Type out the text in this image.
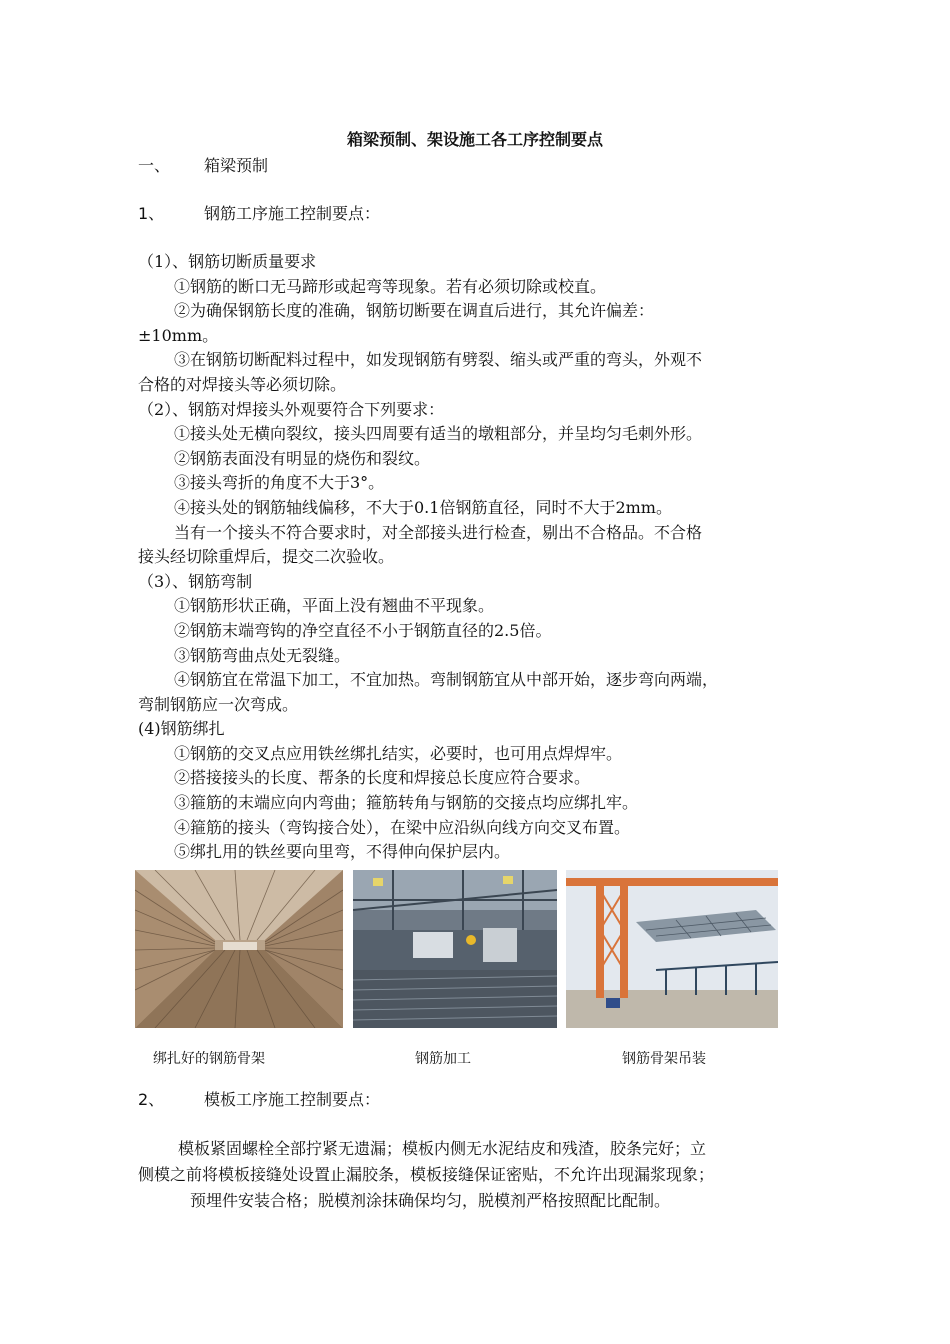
箱梁预制、架设施工各工序控制要点
一、 箱梁预制
1、 钢筋工序施工控制要点：
（1）、钢筋切断质量要求
①钢筋的断口无马蹄形或起弯等现象。若有必须切除或校直。
②为确保钢筋长度的准确，钢筋切断要在调直后进行，其允许偏差：
±10mm。
③在钢筋切断配料过程中，如发现钢筋有劈裂、缩头或严重的弯头，外观不
合格的对焊接头等必须切除。
（2）、钢筋对焊接头外观要符合下列要求：
①接头处无横向裂纹，接头四周要有适当的墩粗部分，并呈均匀毛刺外形。
②钢筋表面没有明显的烧伤和裂纹。
③接头弯折的角度不大于3°。
④接头处的钢筋轴线偏移，不大于0.1倍钢筋直径，同时不大于2mm。
当有一个接头不符合要求时，对全部接头进行检查，剔出不合格品。不合格
接头经切除重焊后，提交二次验收。
（3）、钢筋弯制
①钢筋形状正确，平面上没有翘曲不平现象。
②钢筋末端弯钩的净空直径不小于钢筋直径的2.5倍。
③钢筋弯曲点处无裂缝。
④钢筋宜在常温下加工，不宜加热。弯制钢筋宜从中部开始，逐步弯向两端，
弯制钢筋应一次弯成。
(4)钢筋绑扎
①钢筋的交叉点应用铁丝绑扎结实，必要时，也可用点焊焊牢。
②搭接接头的长度、帮条的长度和焊接总长度应符合要求。
③箍筋的末端应向内弯曲；箍筋转角与钢筋的交接点均应绑扎牢。
④箍筋的接头（弯钩接合处），在梁中应沿纵向线方向交叉布置。
⑤绑扎用的铁丝要向里弯，不得伸向保护层内。
绑扎好的钢筋骨架	钢筋加工	钢筋骨架吊装
2、 模板工序施工控制要点：
模板紧固螺栓全部拧紧无遗漏；模板内侧无水泥结皮和残渣，胶条完好；立
侧模之前将模板接缝处设置止漏胶条，模板接缝保证密贴，不允许出现漏浆现象；
预埋件安装合格；脱模剂涂抹确保均匀，脱模剂严格按照配比配制。
